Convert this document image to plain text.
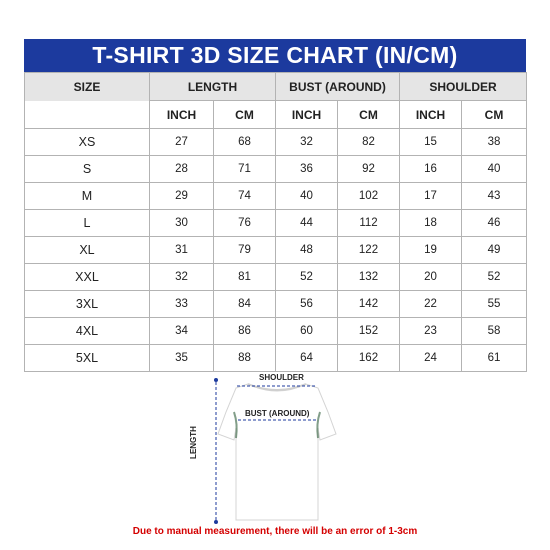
T-SHIRT 3D SIZE CHART (IN/CM)
SIZE	LENGTH		BUST (AROUND)		SHOULDER	
	INCH	CM	INCH	CM	INCH	CM
XS	27	68	32	82	15	38
S	28	71	36	92	16	40
M	29	74	40	102	17	43
L	30	76	44	112	18	46
XL	31	79	48	122	19	49
XXL	32	81	52	132	20	52
3XL	33	84	56	142	22	55
4XL	34	86	60	152	23	58
5XL	35	88	64	162	24	61
SHOULDER
BUST (AROUND)
LENGTH
Due to manual measurement, there will be an error of 1-3cm
